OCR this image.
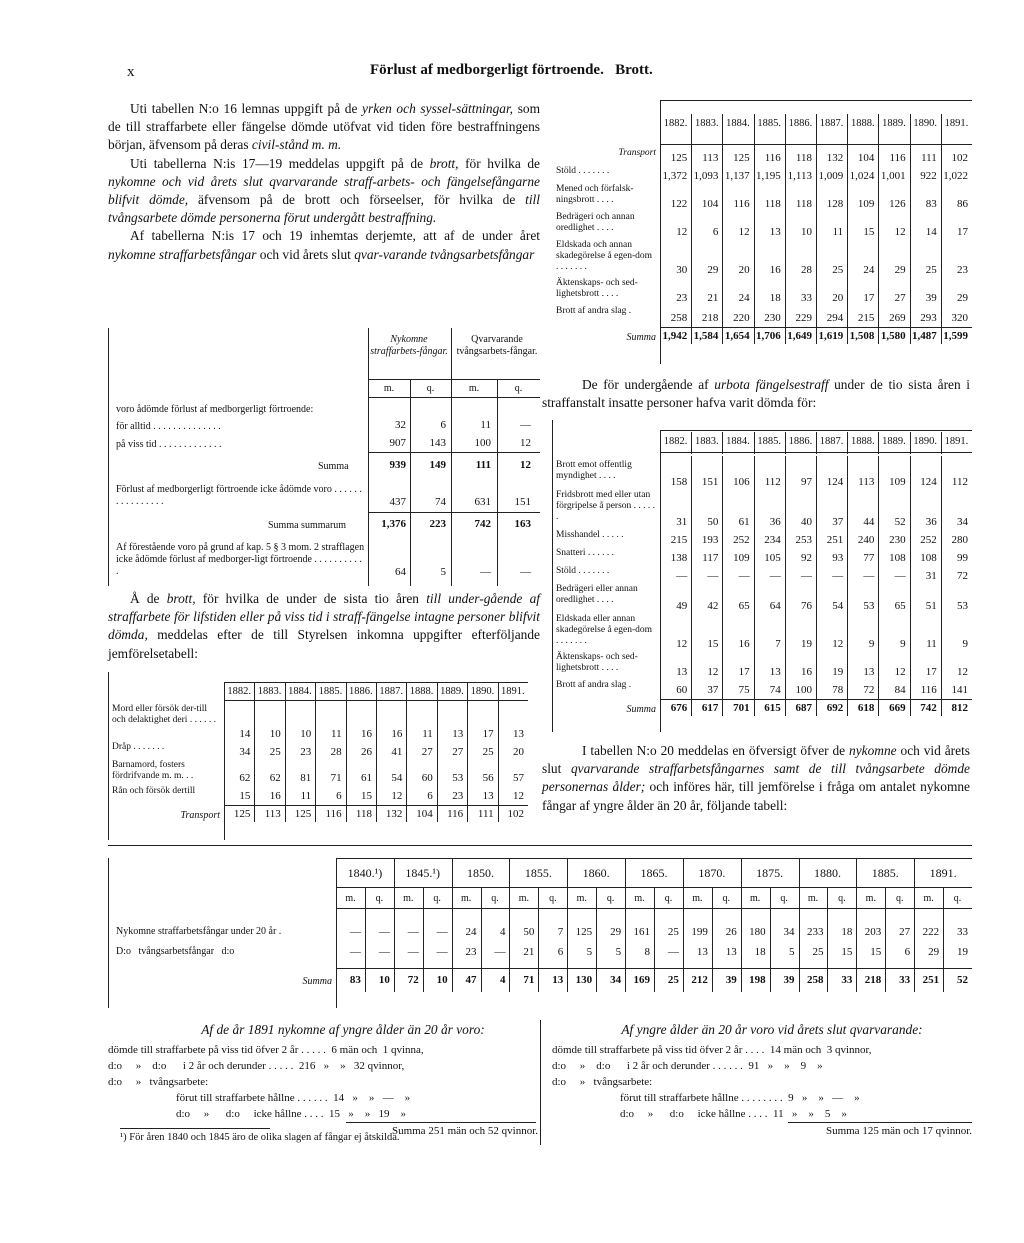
x	Förlust af medborgerligt förtroende.   Brott.

Uti tabellen N:o 16 lemnas uppgift på de yrken och syssel-sättningar, som de till straffarbete eller fängelse dömde utöfvat vid tiden före bestraffningens början, äfvensom på deras civil-stånd m. m.

Uti tabellerna N:is 17—19 meddelas uppgift på de brott, för hvilka de nykomne och vid årets slut qvarvarande straff-arbets- och fängelsefångarne blifvit dömde, äfvensom på de brott och förseelser, för hvilka de till tvångsarbete dömde personerna förut undergått bestraffning.

Af tabellerna N:is 17 och 19 inhemtas derjemte, att af de under året nykomne straffarbetsfångar och vid årets slut qvar-varande tvångsarbetsfångar

Nykomne straffarbets-fångar.
Qvarvarande tvångsarbets-fångar.
m.	q.	m.	q.
voro ådömde förlust af medborgerligt förtroende:
för alltid . . . . . . . . . . . . . .	32	6	11	—
på viss tid . . . . . . . . . . . . .	907	143	100	12
Summa	939	149	111	12
Förlust af medborgerligt förtroende icke ådömde voro . . . . . . . . . . . . . . . .	437	74	631	151
Summa summarum	1,376	223	742	163
Af förestående voro på grund af kap. 5 § 3 mom. 2 strafflagen icke ådömde förlust af medborger-ligt förtroende . . . . . . . . . . .	64	5	—	—

Å de brott, för hvilka de under de sista tio åren till under-gående af straffarbete för lifstiden eller på viss tid i straff-fängelse intagne personer blifvit dömda, meddelas efter de till Styrelsen inkomna uppgifter efterföljande jemförelsetabell:

1882. 1883. 1884. 1885. 1886. 1887. 1888. 1889. 1890. 1891.
Mord eller försök der-till och delaktighet deri . . . . . .
14	10	10	11	16	16	11	13	17	13
Dråp . . . . . . .	34	25	23	28	26	41	27	27	25	20
Barnamord, fosters fördrifvande m. m. . .	62	62	81	71	61	54	60	53	56	57
Rån och försök dertill	15	16	11	6	15	12	6	23	13	12
Transport	125	113	125	116	118	132	104	116	111	102
1882. 1883. 1884. 1885. 1886. 1887. 1888. 1889. 1890. 1891.
Transport	125	113	125	116	118	132	104	116	111	102
Stöld . . . . . . .	1,372 1,093 1,137 1,195 1,113 1,009 1,024 1,001	922 1,022
Mened och förfalsk-ningsbrott . . . .	122	104	116	118	118	128	109	126	83	86
Bedrägeri och annan oredlighet . . . .	12	6	12	13	10	11	15	12	14	17
Eldskada och annan skadegörelse å egen-dom . . . . . . .	30	29	20	16	28	25	24	29	25	23
Äktenskaps- och sed-lighetsbrott . . . .	23	21	24	18	33	20	17	27	39	29
Brott af andra slag .
258	218	220	230	229	294	215	269	293	320
Summa 1,942 1,584 1,654 1,706 1,649 1,619 1,508 1,580 1,487 1,599

De för undergående af urbota fängelsestraff under de tio sista åren i straffanstalt insatte personer hafva varit dömda för:

1882. 1883. 1884. 1885. 1886. 1887. 1888. 1889. 1890. 1891.
Brott emot offentlig myndighet . . . .	158	151	106	112	97	124	113	109	124	112
Fridsbrott med eller utan förgripelse å person . . . . . .	31	50	61	36	40	37	44	52	36	34
Misshandel . . . . .	215	193	252	234	253	251	240	230	252	280
Snatteri . . . . . .	138	117	109	105	92	93	77	108	108	99
Stöld . . . . . . .	—	—	—	—	—	—	—	—	31	72
Bedrägeri eller annan oredlighet . . . .	49	42	65	64	76	54	53	65	51	53
Eldskada eller annan skadegörelse å egen-dom . . . . . . .	12	15	16	7	19	12	9	9	11	9
Äktenskaps- och sed-lighetsbrott . . . .	13	12	17	13	16	19	13	12	17	12
Brott af andra slag .	60	37	75	74	100	78	72	84	116	141
Summa	676	617	701	615	687	692	618	669	742	812

I tabellen N:o 20 meddelas en öfversigt öfver de nykomne och vid årets slut qvarvarande straffarbetsfångarnes samt de till tvångsarbete dömde personernas ålder; och införes här, till jemförelse i fråga om antalet nykomne fångar af yngre ålder än 20 år, följande tabell:

1840.¹)	1845.¹)	1850.	1855.	1860.	1865.	1870.	1875.	1880.	1885.	1891.
m.	q.	m.	q.	m.	q.	m.	q.	m.	q.	m.	q.	m.	q.	m.	q.	m.	q.	m.	q.	m.	q.
Nykomne straffarbetsfångar under 20 år .	—	—	—	—	24	4	50	7	125	29	161	25	199	26	180	34	233	18	203	27	222	33
D:o   tvångsarbetsfångar   d:o	—	—	—	—	23	—	21	6	5	5	8	—	13	13	18	5	25	15	15	6	29	19
Summa	83	10	72	10	47	4	71	13	130	34	169	25	212	39	198	39	258	33	218	33	251	52
Af de år 1891 nykomne af yngre ålder än 20 år voro:
dömde till straffarbete på viss tid öfver 2 år . . . . .  6 män och  1 qvinna,
d:o     »    d:o      i 2 år och derunder . . . . .  216   »    »   32 qvinnor,
d:o     »   tvångsarbete:
förut till straffarbete hållne . . . . . .  14   »    »   —    »
d:o     »      d:o     icke hållne . . . .  15   »    »   19    »
Summa 251 män och 52 qvinnor.
Af yngre ålder än 20 år voro vid årets slut qvarvarande:
dömde till straffarbete på viss tid öfver 2 år . . . .  14 män och  3 qvinnor,
d:o     »    d:o      i 2 år och derunder . . . . . .  91   »    »    9    »
d:o     »   tvångsarbete:
förut till straffarbete hållne . . . . . . . .  9   »    »   —    »
d:o     »      d:o     icke hållne . . . .  11   »    »    5    »
Summa 125 män och 17 qvinnor.
¹) För åren 1840 och 1845 äro de olika slagen af fångar ej åtskilda.
